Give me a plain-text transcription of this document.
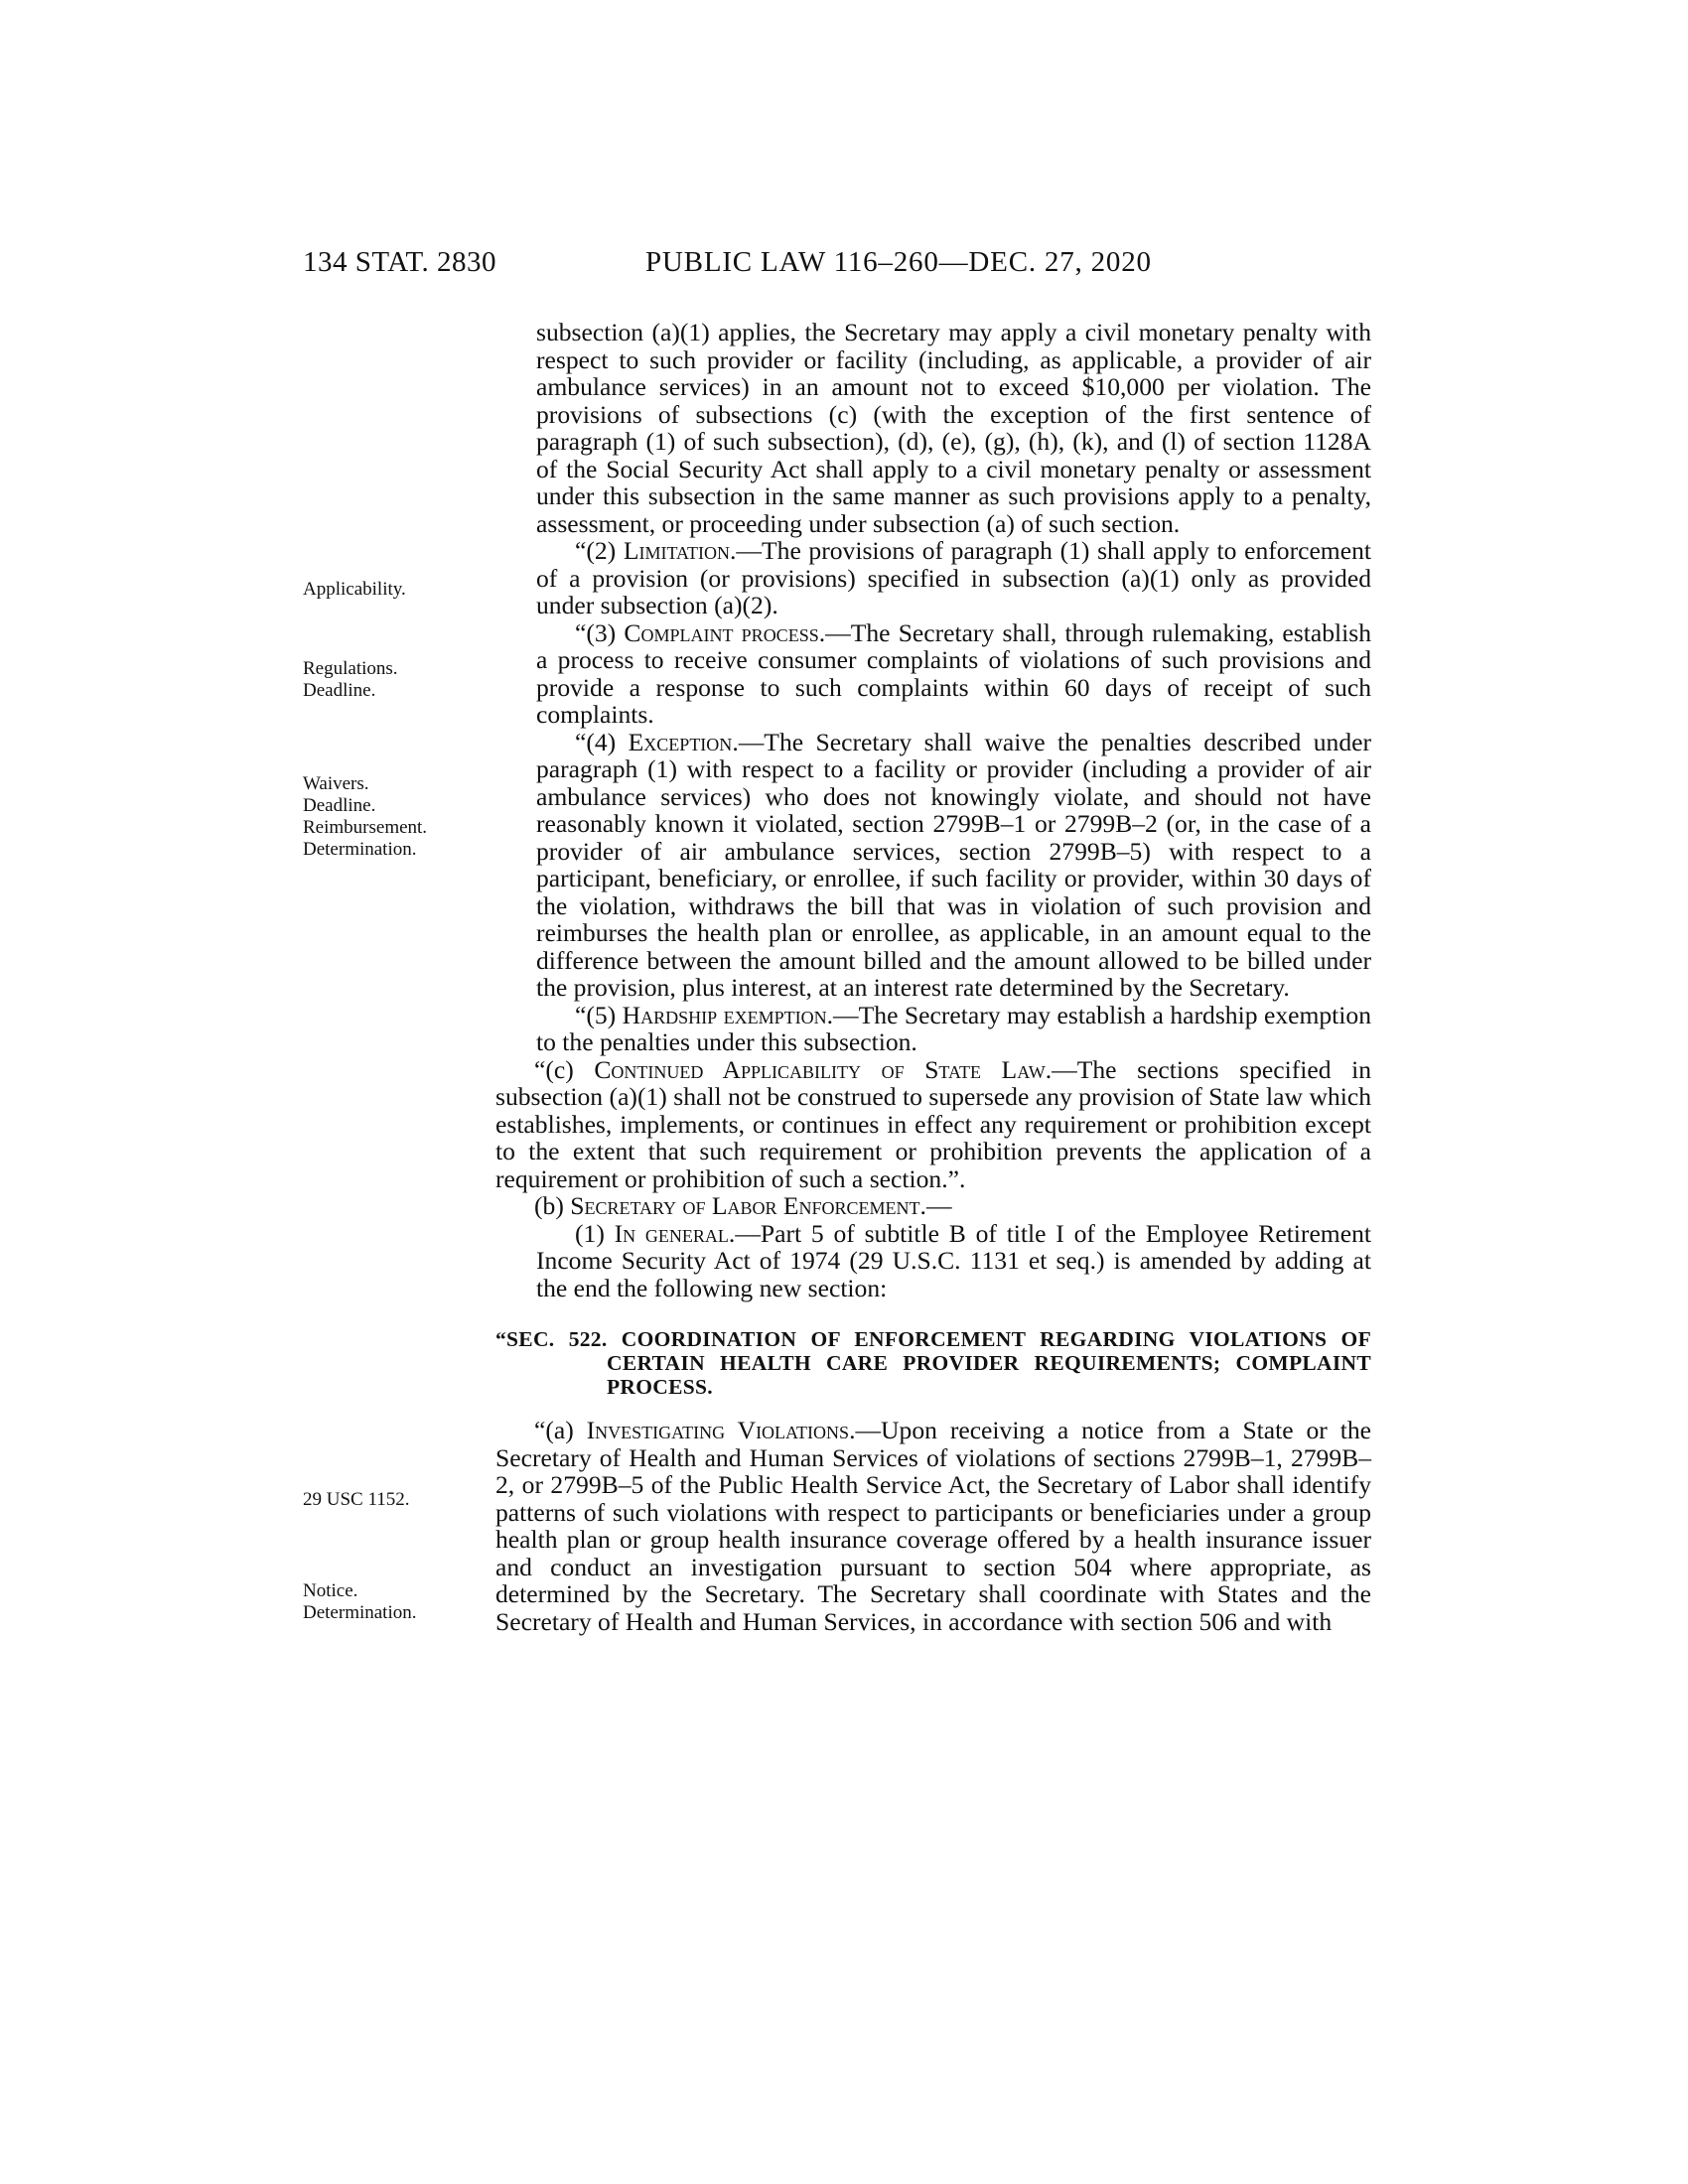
134 STAT. 2830	PUBLIC LAW 116–260—DEC. 27, 2020
Applicability.
Regulations.
Deadline.
Waivers.
Deadline.
Reimbursement.
Determination.
29 USC 1152.
Notice.
Determination.

subsection (a)(1) applies, the Secretary may apply a civil monetary penalty with respect to such provider or facility (including, as applicable, a provider of air ambulance services) in an amount not to exceed $10,000 per violation. The provisions of subsections (c) (with the exception of the first sentence of paragraph (1) of such subsection), (d), (e), (g), (h), (k), and (l) of section 1128A of the Social Security Act shall apply to a civil monetary penalty or assessment under this subsection in the same manner as such provisions apply to a penalty, assessment, or proceeding under subsection (a) of such section.

“(2) Limitation.—The provisions of paragraph (1) shall apply to enforcement of a provision (or provisions) specified in subsection (a)(1) only as provided under subsection (a)(2).

“(3) Complaint process.—The Secretary shall, through rulemaking, establish a process to receive consumer complaints of violations of such provisions and provide a response to such complaints within 60 days of receipt of such complaints.

“(4) Exception.—The Secretary shall waive the penalties described under paragraph (1) with respect to a facility or provider (including a provider of air ambulance services) who does not knowingly violate, and should not have reasonably known it violated, section 2799B–1 or 2799B–2 (or, in the case of a provider of air ambulance services, section 2799B–5) with respect to a participant, beneficiary, or enrollee, if such facility or provider, within 30 days of the violation, withdraws the bill that was in violation of such provision and reimburses the health plan or enrollee, as applicable, in an amount equal to the difference between the amount billed and the amount allowed to be billed under the provision, plus interest, at an interest rate determined by the Secretary.

“(5) Hardship exemption.—The Secretary may establish a hardship exemption to the penalties under this subsection.

“(c) Continued Applicability of State Law.—The sections specified in subsection (a)(1) shall not be construed to supersede any provision of State law which establishes, implements, or continues in effect any requirement or prohibition except to the extent that such requirement or prohibition prevents the application of a requirement or prohibition of such a section.”.

(b) Secretary of Labor Enforcement.—

(1) In general.—Part 5 of subtitle B of title I of the Employee Retirement Income Security Act of 1974 (29 U.S.C. 1131 et seq.) is amended by adding at the end the following new section:

“SEC. 522. COORDINATION OF ENFORCEMENT REGARDING VIOLATIONS OF CERTAIN HEALTH CARE PROVIDER REQUIREMENTS; COMPLAINT PROCESS.

“(a) Investigating Violations.—Upon receiving a notice from a State or the Secretary of Health and Human Services of violations of sections 2799B–1, 2799B–2, or 2799B–5 of the Public Health Service Act, the Secretary of Labor shall identify patterns of such violations with respect to participants or beneficiaries under a group health plan or group health insurance coverage offered by a health insurance issuer and conduct an investigation pursuant to section 504 where appropriate, as determined by the Secretary. The Secretary shall coordinate with States and the Secretary of Health and Human Services, in accordance with section 506 and with
